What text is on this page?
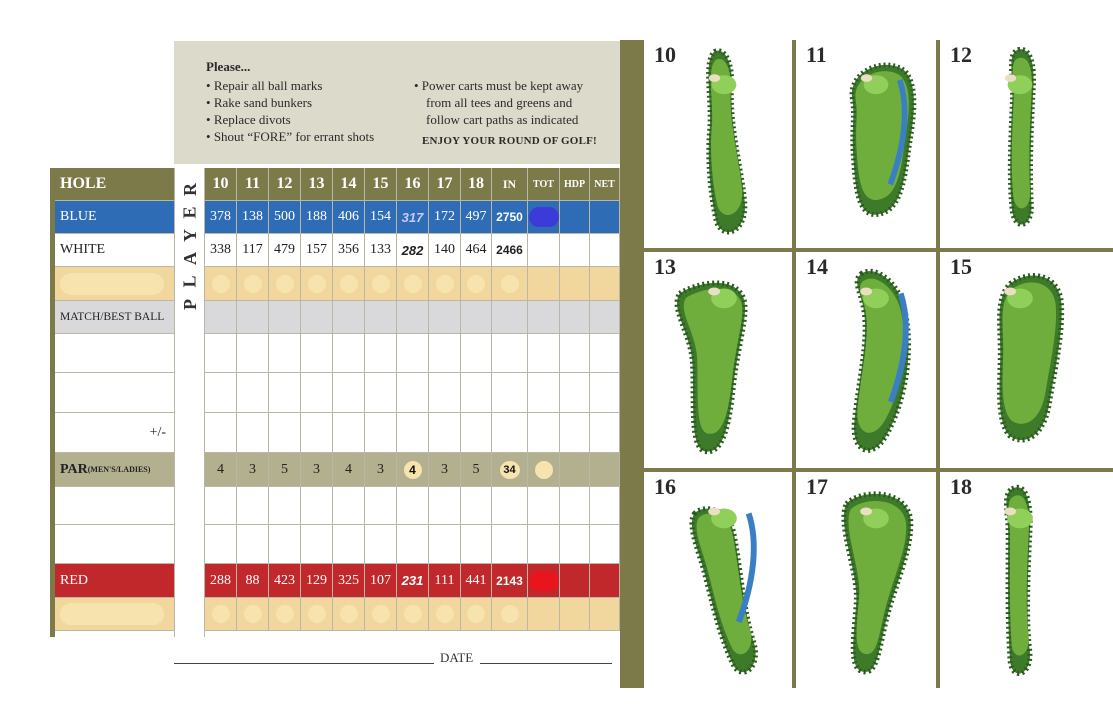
Please...
• Repair all ball marks
• Rake sand bunkers
• Replace divots
• Shout “FORE” for errant shots
• Power carts must be kept away
from all tees and greens and
follow cart paths as indicated
ENJOY YOUR ROUND OF GOLF!
HOLE	10	11	12	13	14	15	16	17 18	IN	TOT HDP NET
BLUE	378 138 500 188 406 154 317 172 497 2750
WHITE	338 117 479 157 356 133 282 140 464 2466
MATCH/BEST BALL
+/-
PAR (MEN'S/LADIES)	4	3	5	3	4	3	4	3	5	34
RED	288	88	423 129 325 107 231 111 441 2143
R
E
Y
A
L
P
DATE
10	11	12
13	14	15
16	17	18
